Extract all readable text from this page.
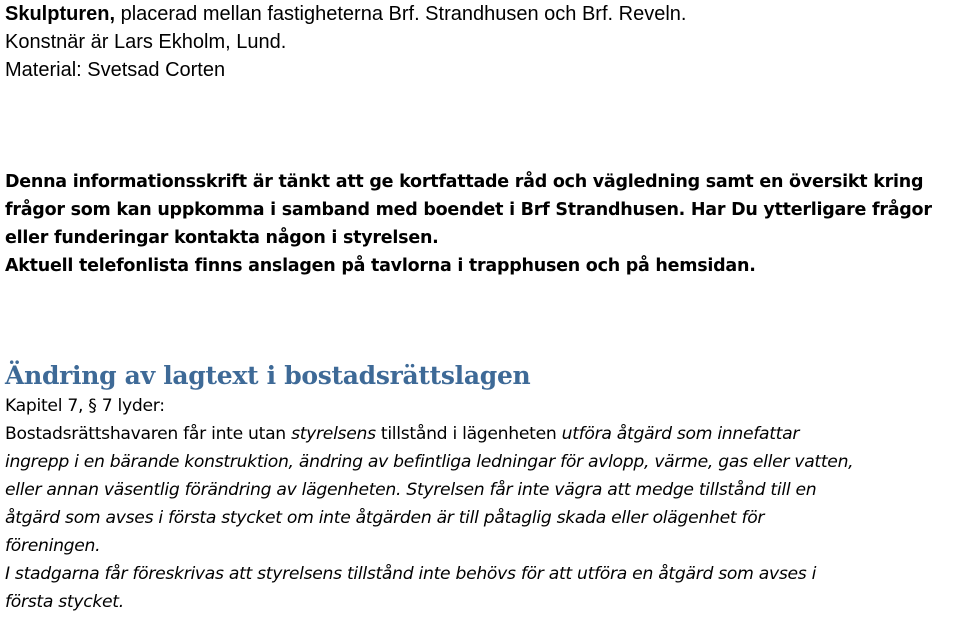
Skulpturen, placerad mellan fastigheterna Brf. Strandhusen och Brf. Reveln.
Konstnär är Lars Ekholm, Lund.
Material: Svetsad Corten

Denna informationsskrift är tänkt att ge kortfattade råd och vägledning samt en översikt kring
frågor som kan uppkomma i samband med boendet i Brf Strandhusen. Har Du ytterligare frågor
eller funderingar kontakta någon i styrelsen.
Aktuell telefonlista finns anslagen på tavlorna i trapphusen och på hemsidan.

Ändring av lagtext i bostadsrättslagen
Kapitel 7, § 7 lyder:
Bostadsrättshavaren får inte utan styrelsens tillstånd i lägenheten utföra åtgärd som innefattar
ingrepp i en bärande konstruktion, ändring av befintliga ledningar för avlopp, värme, gas eller vatten,
eller annan väsentlig förändring av lägenheten. Styrelsen får inte vägra att medge tillstånd till en
åtgärd som avses i första stycket om inte åtgärden är till påtaglig skada eller olägenhet för
föreningen.
I stadgarna får föreskrivas att styrelsens tillstånd inte behövs för att utföra en åtgärd som avses i
första stycket.
